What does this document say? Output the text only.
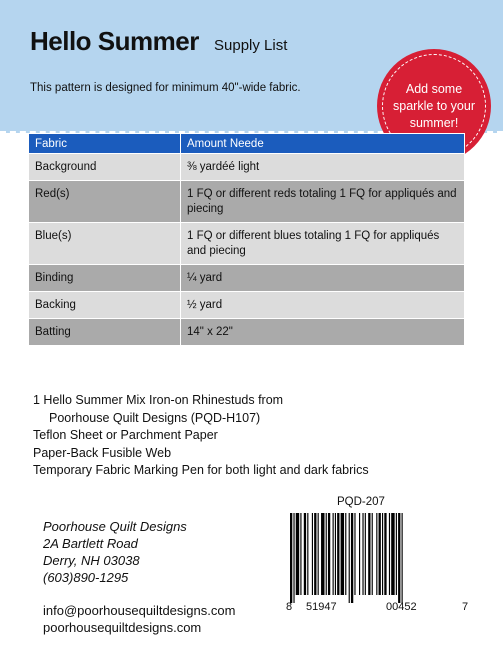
Hello Summer Supply List
This pattern is designed for minimum 40"-wide fabric.	Add some sparkle to your summer!
Fabric	Amount Neede
Background	⅜ yardéé light
Red(s)	1 FQ or different reds totaling 1 FQ for appliqués and piecing
Blue(s)	1 FQ or different blues totaling 1 FQ for appliqués and piecing
Binding	¼ yard
Backing	½ yard
Batting	14" x 22"
1 Hello Summer Mix Iron-on Rhinestuds from
Poorhouse Quilt Designs (PQD-H107)
Teflon Sheet or Parchment Paper
Paper-Back Fusible Web
Temporary Fabric Marking Pen for both light and dark fabrics
Poorhouse Quilt Designs
2A Bartlett Road
Derry, NH 03038
(603)890-1295
info@poorhousequiltdesigns.com
poorhousequiltdesigns.com
PQD-207
8 51947	00452	7
